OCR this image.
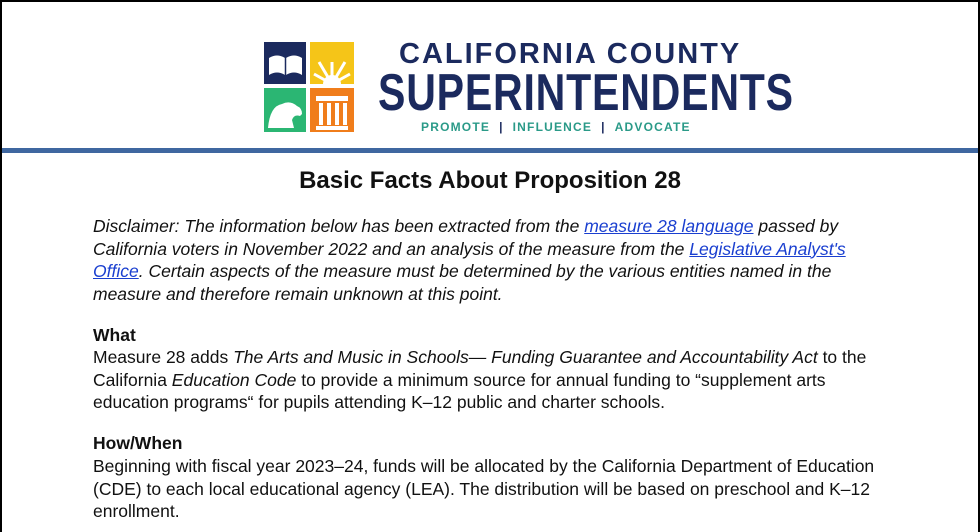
CALIFORNIA COUNTY
SUPERINTENDENTS
PROMOTE | INFLUENCE | ADVOCATE
Basic Facts About Proposition 28
Disclaimer: The information below has been extracted from the measure 28 language passed by California voters in November 2022 and an analysis of the measure from the Legislative Analyst's Office. Certain aspects of the measure must be determined by the various entities named in the measure and therefore remain unknown at this point.
What
Measure 28 adds The Arts and Music in Schools— Funding Guarantee and Accountability Act to the California Education Code to provide a minimum source for annual funding to “supplement arts education programs“ for pupils attending K–12 public and charter schools.
How/When
Beginning with fiscal year 2023–24, funds will be allocated by the California Department of Education (CDE) to each local educational agency (LEA). The distribution will be based on preschool and K–12 enrollment.
